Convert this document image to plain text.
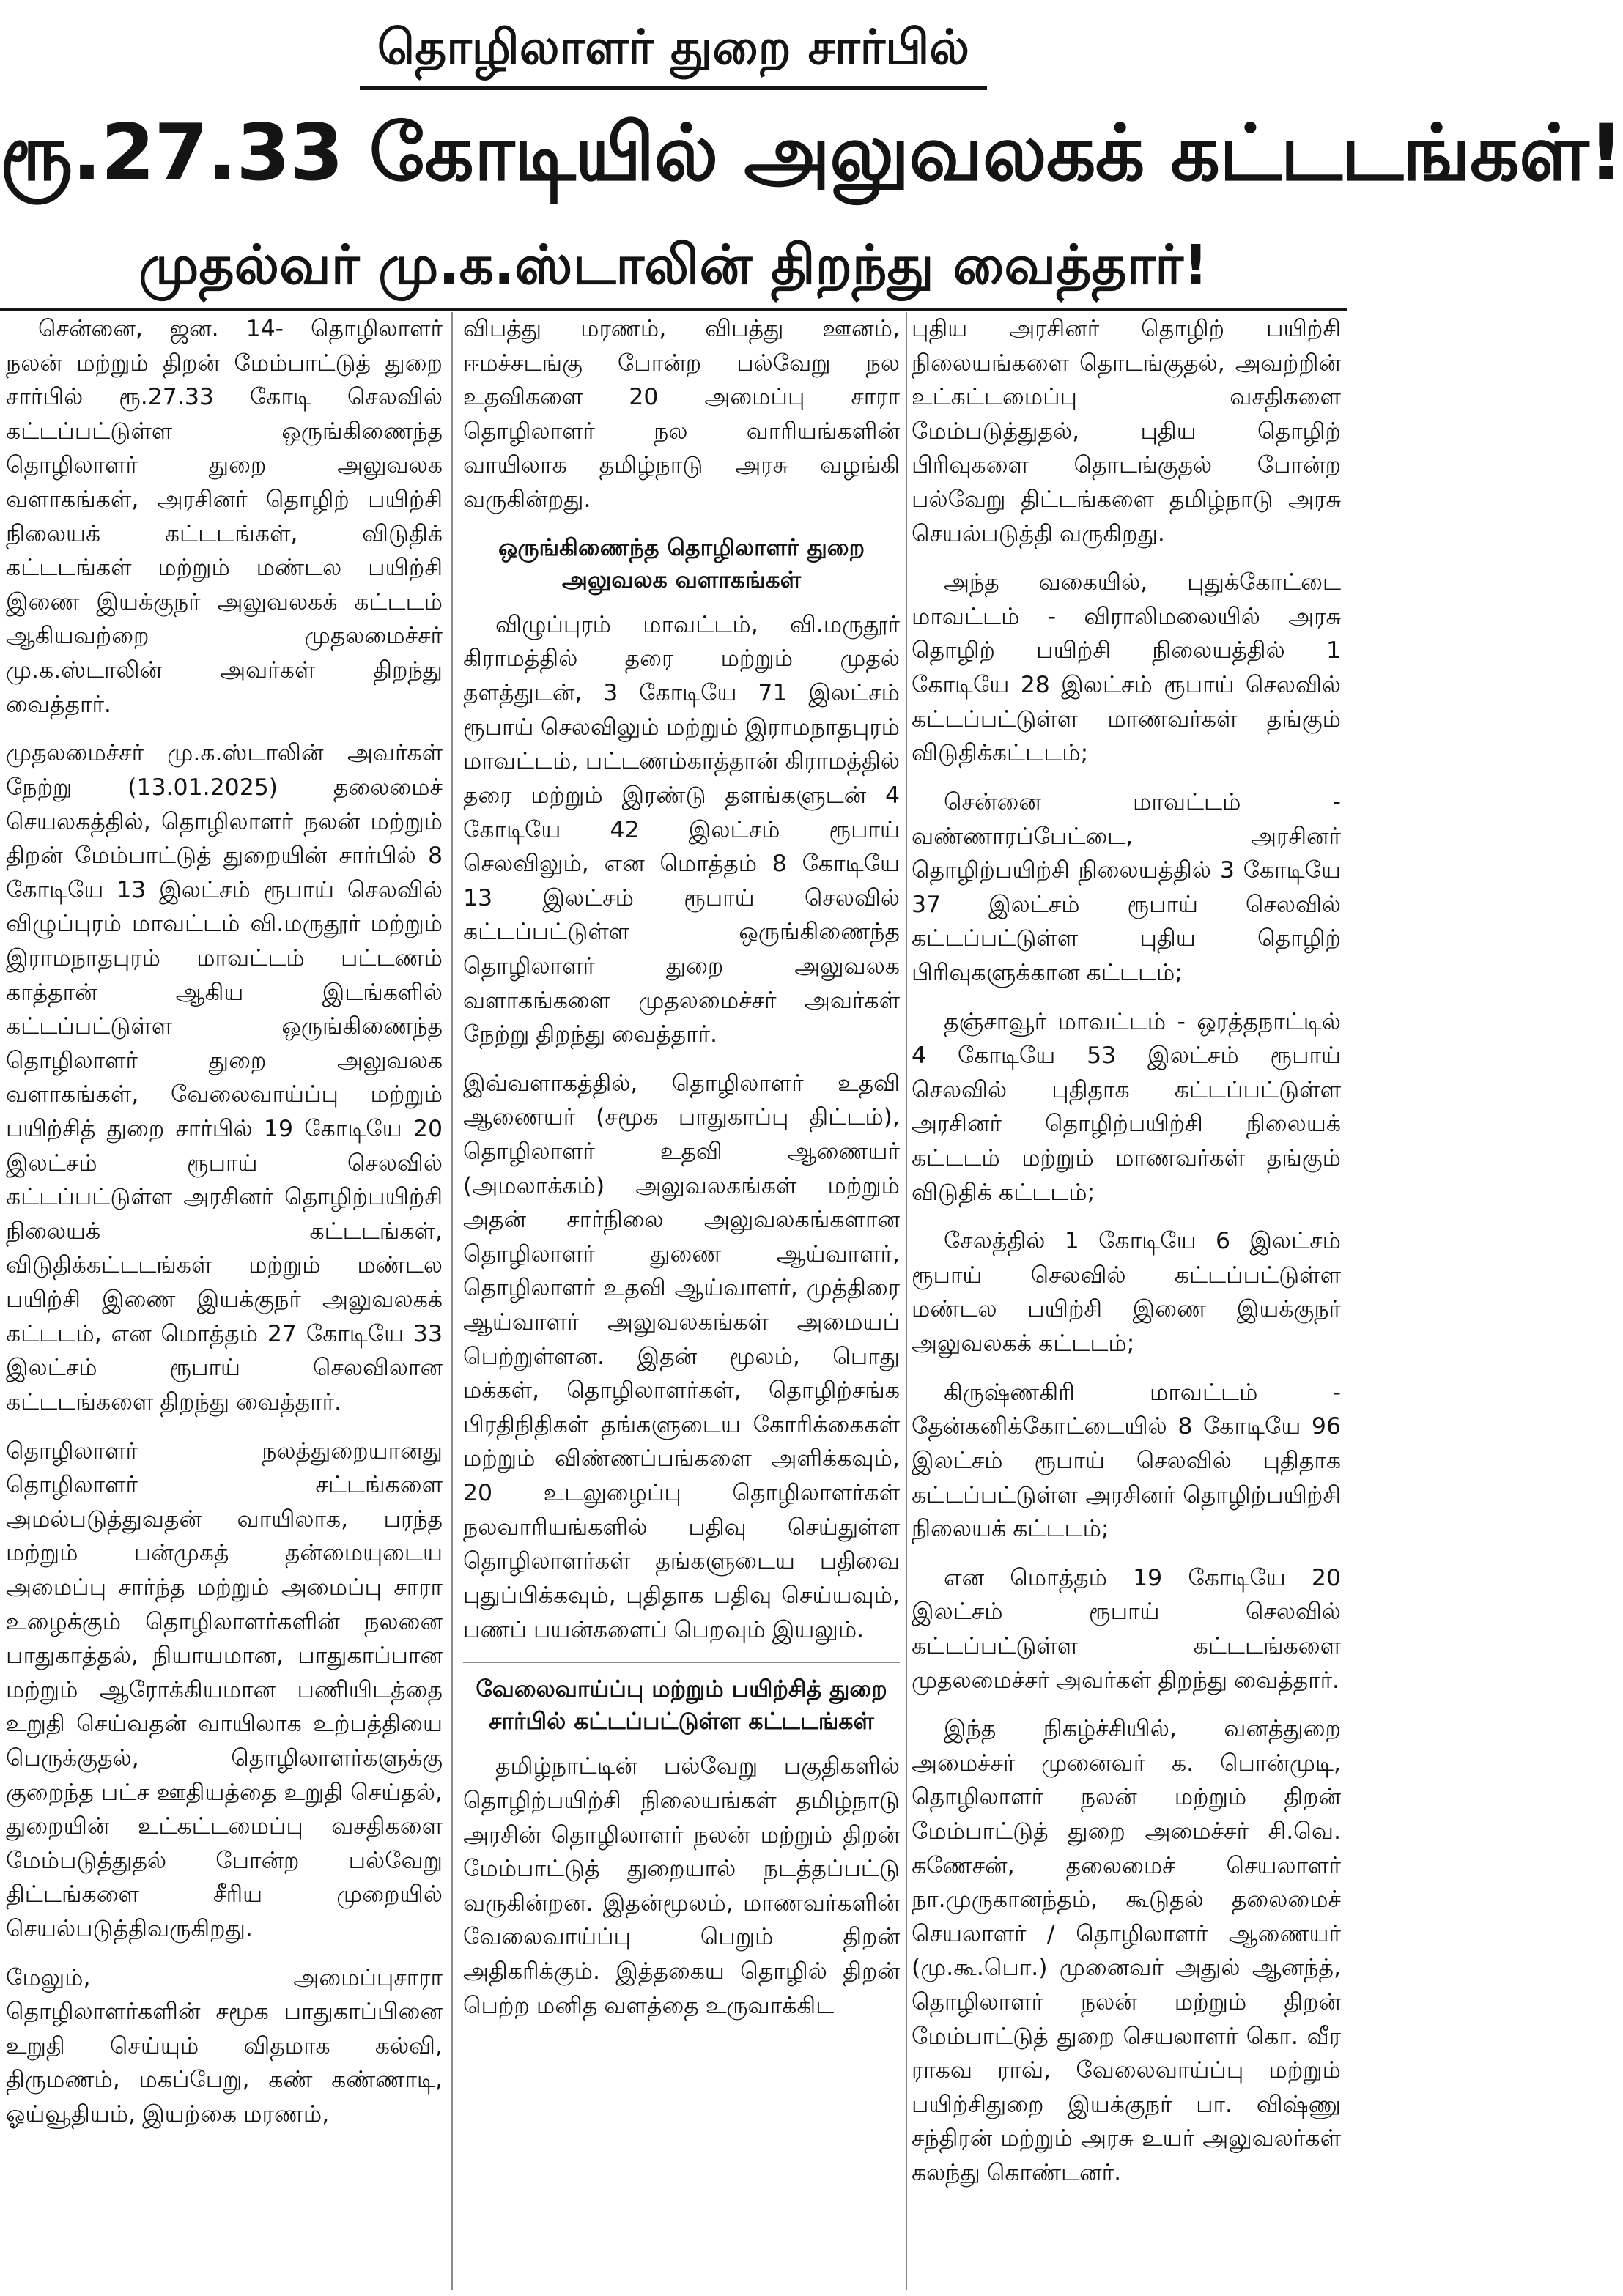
தொழிலாளர் துறை சார்பில்
ரூ.27.33 கோடியில் அலுவலகக் கட்டடங்கள்!
முதல்வர் மு.க.ஸ்டாலின் திறந்து வைத்தார்!

சென்னை, ஜன. 14- தொழிலாளர் நலன் மற்றும் திறன் மேம்பாட்டுத் துறை சார்பில் ரூ.27.33 கோடி செலவில் கட்டப்பட்டுள்ள ஒருங்கிணைந்த தொழிலாளர் துறை அலுவலக வளாகங்கள், அரசினர் தொழிற் பயிற்சி நிலையக் கட்டடங்கள், விடுதிக் கட்டடங்கள் மற்றும் மண்டல பயிற்சி இணை இயக்குநர் அலுவலகக் கட்டடம் ஆகியவற்றை முதலமைச்சர் மு.க.ஸ்டாலின் அவர்கள் திறந்து வைத்தார்.

முதலமைச்சர் மு.க.ஸ்டாலின் அவர்கள் நேற்று (13.01.2025) தலைமைச் செயலகத்தில், தொழிலாளர் நலன் மற்றும் திறன் மேம்பாட்டுத் துறையின் சார்பில் 8 கோடியே 13 இலட்சம் ரூபாய் செலவில் விழுப்புரம் மாவட்டம் வி.மருதூர் மற்றும் இராமநாதபுரம் மாவட்டம் பட்டணம் காத்தான் ஆகிய இடங்களில் கட்டப்பட்டுள்ள ஒருங்கிணைந்த தொழிலாளர் துறை அலுவலக வளாகங்கள், வேலைவாய்ப்பு மற்றும் பயிற்சித் துறை சார்பில் 19 கோடியே 20 இலட்சம் ரூபாய் செலவில் கட்டப்பட்டுள்ள அரசினர் தொழிற்பயிற்சி நிலையக் கட்டடங்கள், விடுதிக்கட்டடங்கள் மற்றும் மண்டல பயிற்சி இணை இயக்குநர் அலுவலகக் கட்டடம், என மொத்தம் 27 கோடியே 33 இலட்சம் ரூபாய் செலவிலான கட்டடங்களை திறந்து வைத்தார்.

தொழிலாளர் நலத்துறையானது தொழிலாளர் சட்டங்களை அமல்படுத்துவதன் வாயிலாக, பரந்த மற்றும் பன்முகத் தன்மையுடைய அமைப்பு சார்ந்த மற்றும் அமைப்பு சாரா உழைக்கும் தொழிலாளர்களின் நலனை பாதுகாத்தல், நியாயமான, பாதுகாப்பான மற்றும் ஆரோக்கியமான பணியிடத்தை உறுதி செய்வதன் வாயிலாக உற்பத்தியை பெருக்குதல், தொழிலாளர்களுக்கு குறைந்த பட்ச ஊதியத்தை உறுதி செய்தல், துறையின் உட்கட்டமைப்பு வசதிகளை மேம்படுத்துதல் போன்ற பல்வேறு திட்டங்களை சீரிய முறையில் செயல்படுத்திவருகிறது.

மேலும், அமைப்புசாரா தொழிலாளர்களின் சமூக பாதுகாப்பினை உறுதி செய்யும் விதமாக கல்வி, திருமணம், மகப்பேறு, கண் கண்ணாடி, ஓய்வூதியம், இயற்கை மரணம்,

விபத்து மரணம், விபத்து ஊனம், ஈமச்சடங்கு போன்ற பல்வேறு நல உதவிகளை 20 அமைப்பு சாரா தொழிலாளர் நல வாரியங்களின் வாயிலாக தமிழ்நாடு அரசு வழங்கி வருகின்றது.

ஒருங்கிணைந்த தொழிலாளர் துறை அலுவலக வளாகங்கள்

விழுப்புரம் மாவட்டம், வி.மருதூர் கிராமத்தில் தரை மற்றும் முதல் தளத்துடன், 3 கோடியே 71 இலட்சம் ரூபாய் செலவிலும் மற்றும் இராமநாதபுரம் மாவட்டம், பட்டணம்காத்தான் கிராமத்தில் தரை மற்றும் இரண்டு தளங்களுடன் 4 கோடியே 42 இலட்சம் ரூபாய் செலவிலும், என மொத்தம் 8 கோடியே 13 இலட்சம் ரூபாய் செலவில் கட்டப்பட்டுள்ள ஒருங்கிணைந்த தொழிலாளர் துறை அலுவலக வளாகங்களை முதலமைச்சர் அவர்கள் நேற்று திறந்து வைத்தார்.

இவ்வளாகத்தில், தொழிலாளர் உதவி ஆணையர் (சமூக பாதுகாப்பு திட்டம்), தொழிலாளர் உதவி ஆணையர் (அமலாக்கம்) அலுவலகங்கள் மற்றும் அதன் சார்நிலை அலுவலகங்களான தொழிலாளர் துணை ஆய்வாளர், தொழிலாளர் உதவி ஆய்வாளர், முத்திரை ஆய்வாளர் அலுவலகங்கள் அமையப் பெற்றுள்ளன. இதன் மூலம், பொது மக்கள், தொழிலாளர்கள், தொழிற்சங்க பிரதிநிதிகள் தங்களுடைய கோரிக்கைகள் மற்றும் விண்ணப்பங்களை அளிக்கவும், 20 உடலுழைப்பு தொழிலாளர்கள் நலவாரியங்களில் பதிவு செய்துள்ள தொழிலாளர்கள் தங்களுடைய பதிவை புதுப்பிக்கவும், புதிதாக பதிவு செய்யவும், பணப் பயன்களைப் பெறவும் இயலும்.

வேலைவாய்ப்பு மற்றும் பயிற்சித் துறை சார்பில் கட்டப்பட்டுள்ள கட்டடங்கள்

தமிழ்நாட்டின் பல்வேறு பகுதிகளில் தொழிற்பயிற்சி நிலையங்கள் தமிழ்நாடு அரசின் தொழிலாளர் நலன் மற்றும் திறன் மேம்பாட்டுத் துறையால் நடத்தப்பட்டு வருகின்றன. இதன்மூலம், மாணவர்களின் வேலைவாய்ப்பு பெறும் திறன் அதிகரிக்கும். இத்தகைய தொழில் திறன் பெற்ற மனித வளத்தை உருவாக்கிட

புதிய அரசினர் தொழிற் பயிற்சி நிலையங்களை தொடங்குதல், அவற்றின் உட்கட்டமைப்பு வசதிகளை மேம்படுத்துதல், புதிய தொழிற் பிரிவுகளை தொடங்குதல் போன்ற பல்வேறு திட்டங்களை தமிழ்நாடு அரசு செயல்படுத்தி வருகிறது.

அந்த வகையில், புதுக்கோட்டை மாவட்டம் - விராலிமலையில் அரசு தொழிற் பயிற்சி நிலையத்தில் 1 கோடியே 28 இலட்சம் ரூபாய் செலவில் கட்டப்பட்டுள்ள மாணவர்கள் தங்கும் விடுதிக்கட்டடம்;

சென்னை மாவட்டம் - வண்ணாரப்பேட்டை, அரசினர் தொழிற்பயிற்சி நிலையத்தில் 3 கோடியே 37 இலட்சம் ரூபாய் செலவில் கட்டப்பட்டுள்ள புதிய தொழிற் பிரிவுகளுக்கான கட்டடம்;

தஞ்சாவூர் மாவட்டம் - ஒரத்தநாட்டில் 4 கோடியே 53 இலட்சம் ரூபாய் செலவில் புதிதாக கட்டப்பட்டுள்ள அரசினர் தொழிற்பயிற்சி நிலையக் கட்டடம் மற்றும் மாணவர்கள் தங்கும் விடுதிக் கட்டடம்;

சேலத்தில் 1 கோடியே 6 இலட்சம் ரூபாய் செலவில் கட்டப்பட்டுள்ள மண்டல பயிற்சி இணை இயக்குநர் அலுவலகக் கட்டடம்;

கிருஷ்ணகிரி மாவட்டம் - தேன்கனிக்கோட்டையில் 8 கோடியே 96 இலட்சம் ரூபாய் செலவில் புதிதாக கட்டப்பட்டுள்ள அரசினர் தொழிற்பயிற்சி நிலையக் கட்டடம்;

என மொத்தம் 19 கோடியே 20 இலட்சம் ரூபாய் செலவில் கட்டப்பட்டுள்ள கட்டடங்களை முதலமைச்சர் அவர்கள் திறந்து வைத்தார்.

இந்த நிகழ்ச்சியில், வனத்துறை அமைச்சர் முனைவர் க. பொன்முடி, தொழிலாளர் நலன் மற்றும் திறன் மேம்பாட்டுத் துறை அமைச்சர் சி.வெ. கணேசன், தலைமைச் செயலாளர் நா.முருகானந்தம், கூடுதல் தலைமைச் செயலாளர் / தொழிலாளர் ஆணையர் (மு.கூ.பொ.) முனைவர் அதுல் ஆனந்த், தொழிலாளர் நலன் மற்றும் திறன் மேம்பாட்டுத் துறை செயலாளர் கொ. வீர ராகவ ராவ், வேலைவாய்ப்பு மற்றும் பயிற்சிதுறை இயக்குநர் பா. விஷ்ணு சந்திரன் மற்றும் அரசு உயர் அலுவலர்கள் கலந்து கொண்டனர்.
